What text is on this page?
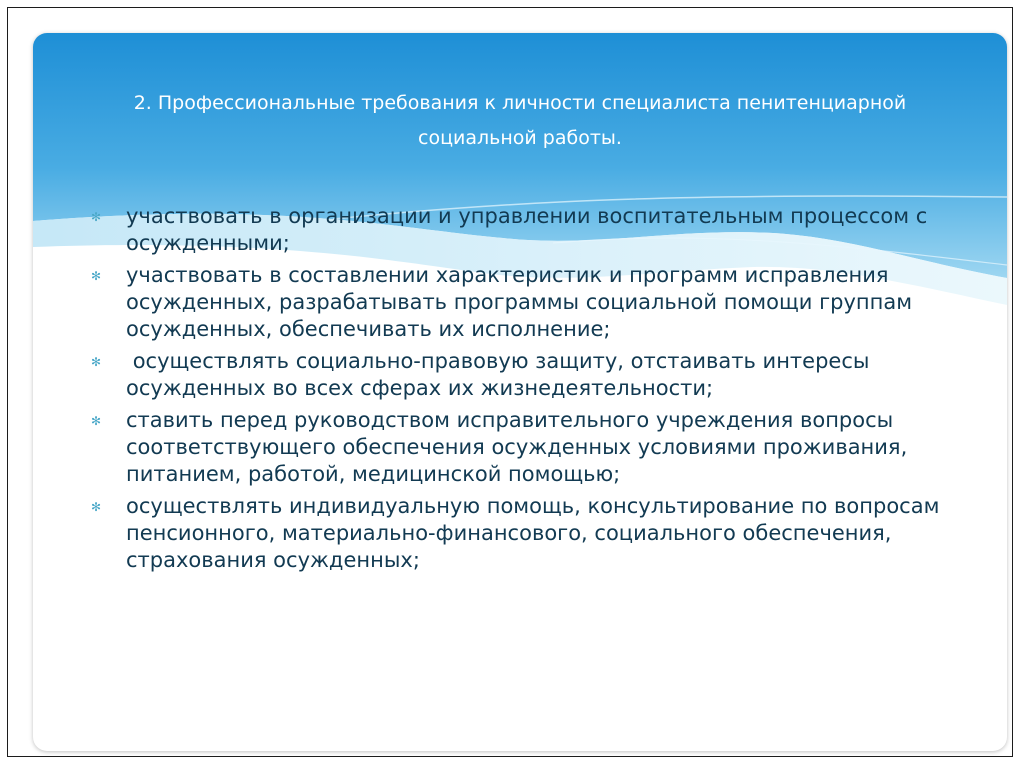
2. Профессиональные требования к личности специалиста пенитенциарной социальной работы.
✻ участвовать в организации и управлении воспитательным процессом с осужденными;
✻ участвовать в составлении характеристик и программ исправления осужденных, разрабатывать программы социальной помощи группам осужденных, обеспечивать их исполнение;
✻ осуществлять социально-правовую защиту, отстаивать интересы осужденных во всех сферах их жизнедеятельности;
✻ ставить перед руководством исправительного учреждения вопросы соответствующего обеспечения осужденных условиями проживания, питанием, работой, медицинской помощью;
✻ осуществлять индивидуальную помощь, консультирование по вопросам пенсионного, материально-финансового, социального обеспечения, страхования осужденных;
